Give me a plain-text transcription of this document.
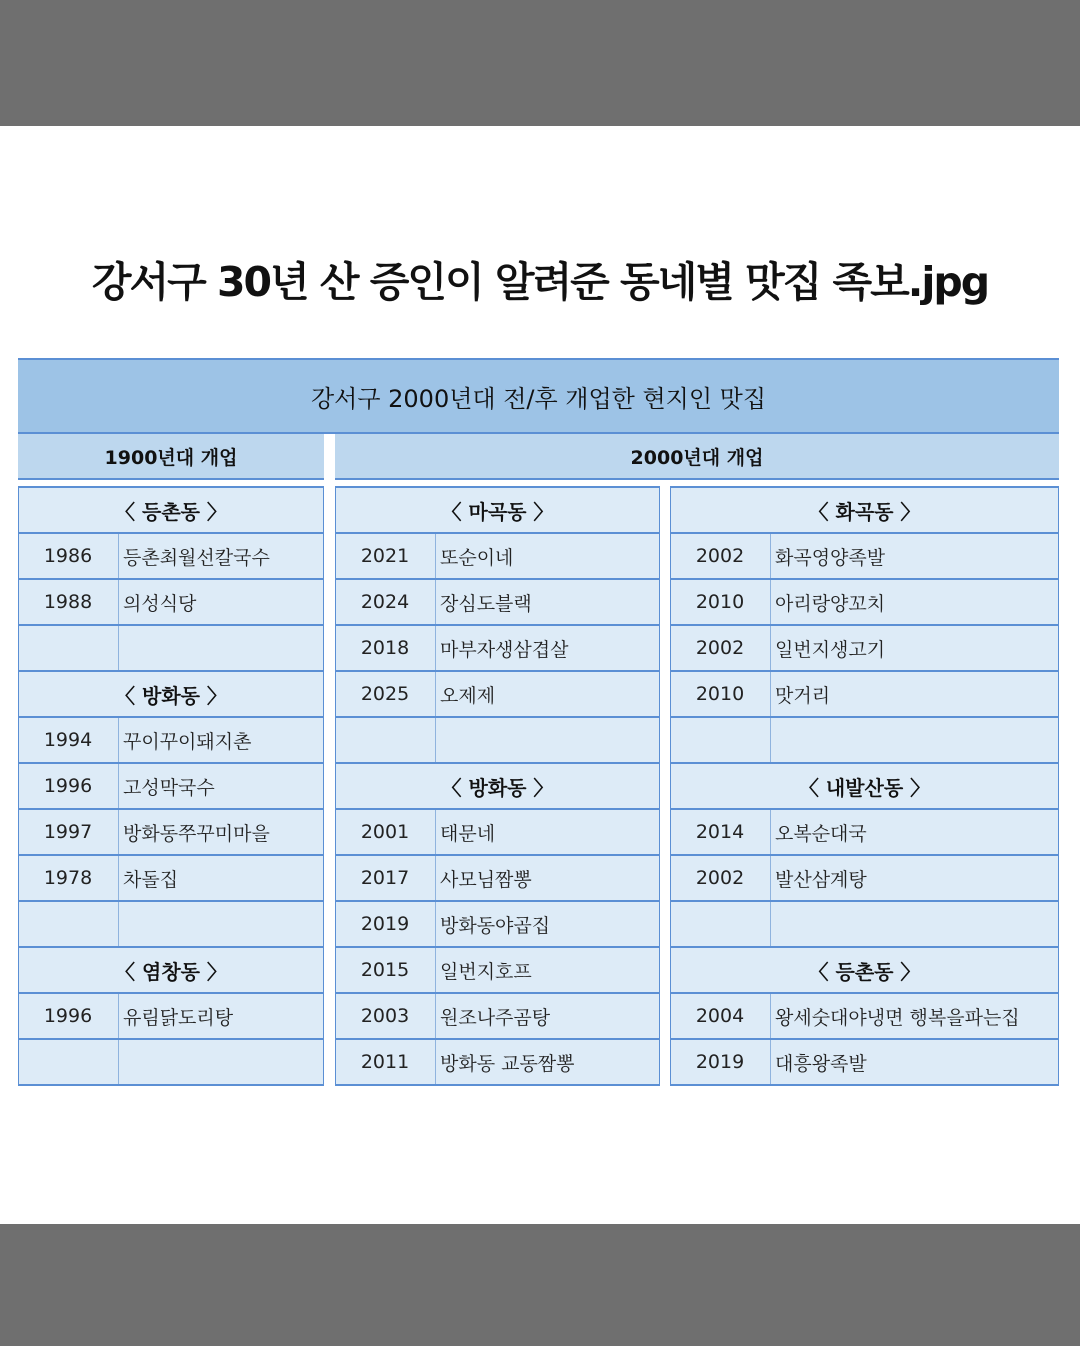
강서구 30년 산 증인이 알려준 동네별 맛집 족보.jpg
강서구 2000년대 전/후 개업한 현지인 맛집
1900년대 개업	2000년대 개업
〈 등촌동 〉
1986	등촌최월선칼국수
1988	의성식당
〈 방화동 〉
1994	꾸이꾸이돼지촌
1996	고성막국수
1997	방화동쭈꾸미마을
1978	차돌집
〈 염창동 〉
1996	유림닭도리탕
〈 마곡동 〉
2021	또순이네
2024	장심도블랙
2018	마부자생삼겹살
2025	오제제
〈 방화동 〉
2001	태문네
2017	사모님짬뽕
2019	방화동야곱집
2015	일번지호프
2003	원조나주곰탕
2011	방화동 교동짬뽕
〈 화곡동 〉
2002	화곡영양족발
2010	아리랑양꼬치
2002	일번지생고기
2010	맛거리
〈 내발산동 〉
2014	오복순대국
2002	발산삼계탕
〈 등촌동 〉
2004	왕세숫대야냉면 행복을파는집
2019	대흥왕족발
